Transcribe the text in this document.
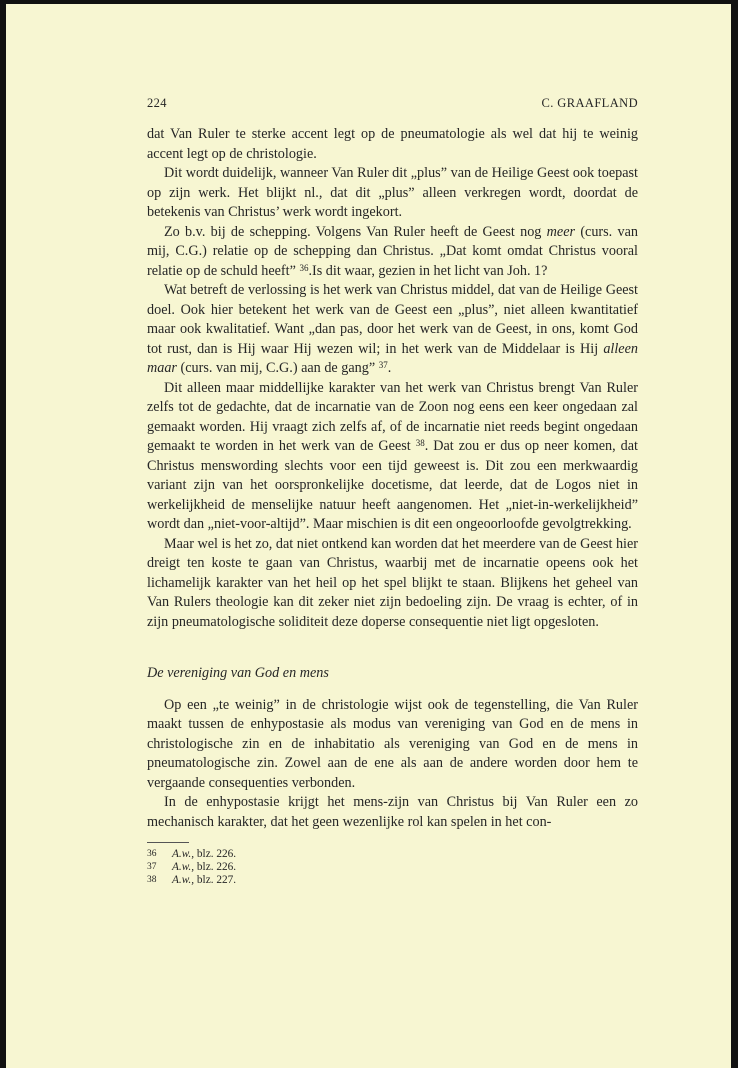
224	C. GRAAFLAND

dat Van Ruler te sterke accent legt op de pneumatologie als wel dat hij te weinig accent legt op de christologie.

Dit wordt duidelijk, wanneer Van Ruler dit „plus” van de Heilige Geest ook toepast op zijn werk. Het blijkt nl., dat dit „plus” alleen verkregen wordt, doordat de betekenis van Christus’ werk wordt ingekort.

Zo b.v. bij de schepping. Volgens Van Ruler heeft de Geest nog meer (curs. van mij, C.G.) relatie op de schepping dan Christus. „Dat komt omdat Christus vooral relatie op de schuld heeft” $^{36}$.Is dit waar, gezien in het licht van Joh. 1?

Wat betreft de verlossing is het werk van Christus middel, dat van de Heilige Geest doel. Ook hier betekent het werk van de Geest een „plus”, niet alleen kwantitatief maar ook kwalitatief. Want „dan pas, door het werk van de Geest, in ons, komt God tot rust, dan is Hij waar Hij wezen wil; in het werk van de Middelaar is Hij alleen maar (curs. van mij, C.G.) aan de gang” $^{37}$.

Dit alleen maar middellijke karakter van het werk van Christus brengt Van Ruler zelfs tot de gedachte, dat de incarnatie van de Zoon nog eens een keer ongedaan zal gemaakt worden. Hij vraagt zich zelfs af, of de incarnatie niet reeds begint ongedaan gemaakt te worden in het werk van de Geest $^{38}$. Dat zou er dus op neer komen, dat Christus menswording slechts voor een tijd geweest is. Dit zou een merkwaardig variant zijn van het oorspronkelijke docetisme, dat leerde, dat de Logos niet in werkelijkheid de menselijke natuur heeft aangenomen. Het „niet-in-werkelijkheid” wordt dan „niet-voor-altijd”. Maar mischien is dit een ongeoorloofde gevolgtrekking.

Maar wel is het zo, dat niet ontkend kan worden dat het meerdere van de Geest hier dreigt ten koste te gaan van Christus, waarbij met de incarnatie opeens ook het lichamelijk karakter van het heil op het spel blijkt te staan. Blijkens het geheel van Van Rulers theologie kan dit zeker niet zijn bedoeling zijn. De vraag is echter, of in zijn pneumatologische soliditeit deze doperse consequentie niet ligt opgesloten.

De vereniging van God en mens

Op een „te weinig” in de christologie wijst ook de tegenstelling, die Van Ruler maakt tussen de enhypostasie als modus van vereniging van God en de mens in christologische zin en de inhabitatio als vereniging van God en de mens in pneumatologische zin. Zowel aan de ene als aan de andere worden door hem te vergaande consequenties verbonden.

In de enhypostasie krijgt het mens-zijn van Christus bij Van Ruler een zo mechanisch karakter, dat het geen wezenlijke rol kan spelen in het con-

36	A.w., blz. 226.
37	A.w., blz. 226.
38	A.w., blz. 227.
